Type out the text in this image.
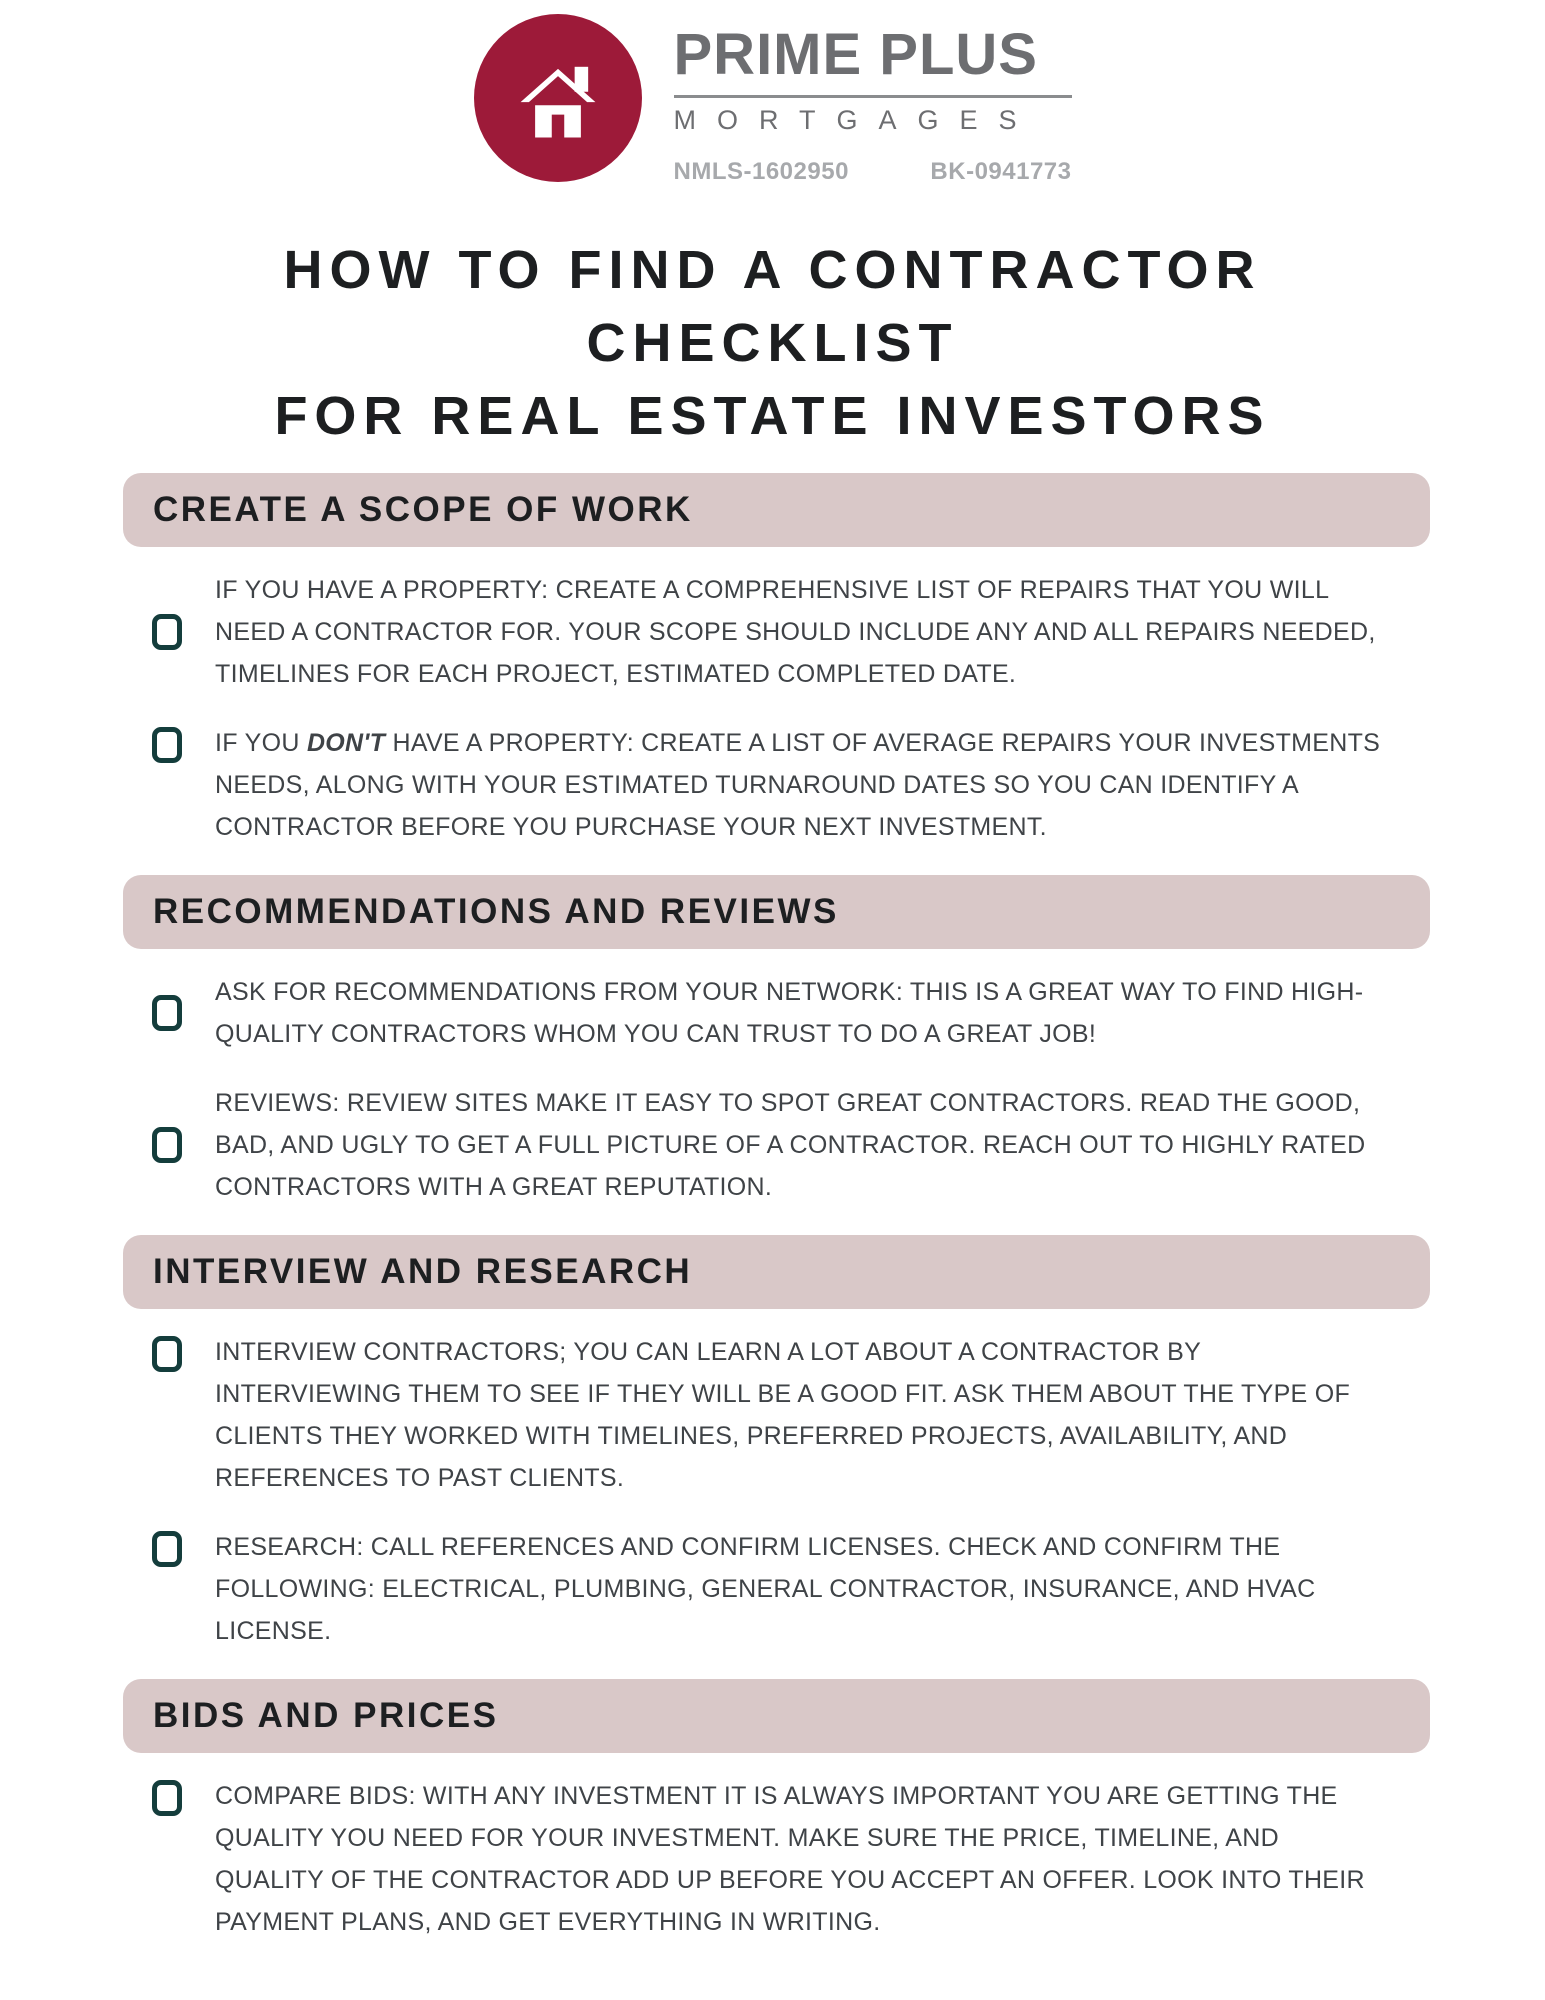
PRIME PLUS
MORTGAGES
NMLS-1602950	BK-0941773
HOW TO FIND A CONTRACTOR
CHECKLIST
FOR REAL ESTATE INVESTORS
CREATE A SCOPE OF WORK

IF YOU HAVE A PROPERTY: CREATE A COMPREHENSIVE LIST OF REPAIRS THAT YOU WILL NEED A CONTRACTOR FOR. YOUR SCOPE SHOULD INCLUDE ANY AND ALL REPAIRS NEEDED, TIMELINES FOR EACH PROJECT, ESTIMATED COMPLETED DATE.

IF YOU DON'T HAVE A PROPERTY: CREATE A LIST OF AVERAGE REPAIRS YOUR INVESTMENTS NEEDS, ALONG WITH YOUR ESTIMATED TURNAROUND DATES SO YOU CAN IDENTIFY A CONTRACTOR BEFORE YOU PURCHASE YOUR NEXT INVESTMENT.

RECOMMENDATIONS AND REVIEWS

ASK FOR RECOMMENDATIONS FROM YOUR NETWORK: THIS IS A GREAT WAY TO FIND HIGH-QUALITY CONTRACTORS WHOM YOU CAN TRUST TO DO A GREAT JOB!

REVIEWS: REVIEW SITES MAKE IT EASY TO SPOT GREAT CONTRACTORS. READ THE GOOD, BAD, AND UGLY TO GET A FULL PICTURE OF A CONTRACTOR. REACH OUT TO HIGHLY RATED CONTRACTORS WITH A GREAT REPUTATION.

INTERVIEW AND RESEARCH

INTERVIEW CONTRACTORS; YOU CAN LEARN A LOT ABOUT A CONTRACTOR BY INTERVIEWING THEM TO SEE IF THEY WILL BE A GOOD FIT. ASK THEM ABOUT THE TYPE OF CLIENTS THEY WORKED WITH TIMELINES, PREFERRED PROJECTS, AVAILABILITY, AND REFERENCES TO PAST CLIENTS.

RESEARCH: CALL REFERENCES AND CONFIRM LICENSES. CHECK AND CONFIRM THE FOLLOWING: ELECTRICAL, PLUMBING, GENERAL CONTRACTOR, INSURANCE, AND HVAC LICENSE.

BIDS AND PRICES

COMPARE BIDS: WITH ANY INVESTMENT IT IS ALWAYS IMPORTANT YOU ARE GETTING THE QUALITY YOU NEED FOR YOUR INVESTMENT. MAKE SURE THE PRICE, TIMELINE, AND QUALITY OF THE CONTRACTOR ADD UP BEFORE YOU ACCEPT AN OFFER. LOOK INTO THEIR PAYMENT PLANS, AND GET EVERYTHING IN WRITING.
